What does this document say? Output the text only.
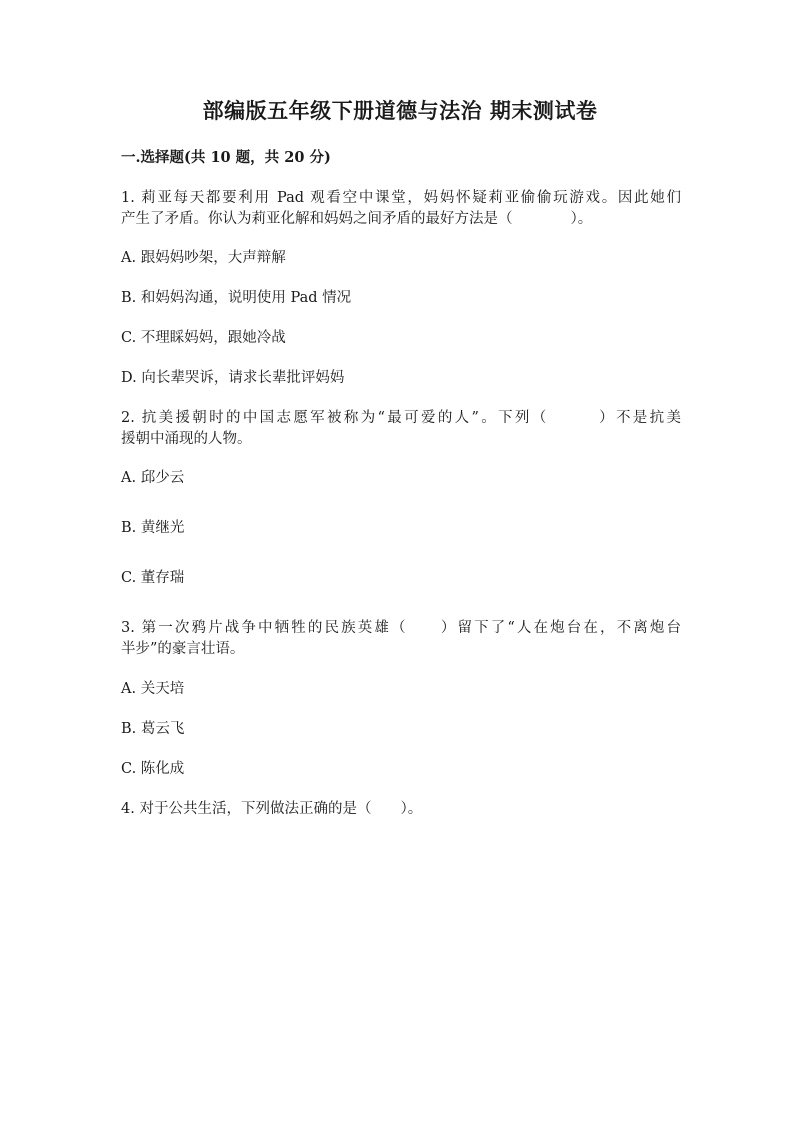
部编版五年级下册道德与法治 期末测试卷
一.选择题(共 10 题，共 20 分)
1. 莉亚每天都要利用 Pad 观看空中课堂，妈妈怀疑莉亚偷偷玩游戏。因此她们
产生了矛盾。你认为莉亚化解和妈妈之间矛盾的最好方法是（　　　　）。
A. 跟妈妈吵架，大声辩解
B. 和妈妈沟通，说明使用 Pad 情况
C. 不理睬妈妈，跟她冷战
D. 向长辈哭诉，请求长辈批评妈妈
2. 抗美援朝时的中国志愿军被称为“最可爱的人”。下列（　　　）不是抗美
援朝中涌现的人物。
A. 邱少云
B. 黄继光
C. 董存瑞
3. 第一次鸦片战争中牺牲的民族英雄（　　）留下了“人在炮台在，不离炮台
半步”的豪言壮语。
A. 关天培
B. 葛云飞
C. 陈化成
4. 对于公共生活，下列做法正确的是（　　）。
